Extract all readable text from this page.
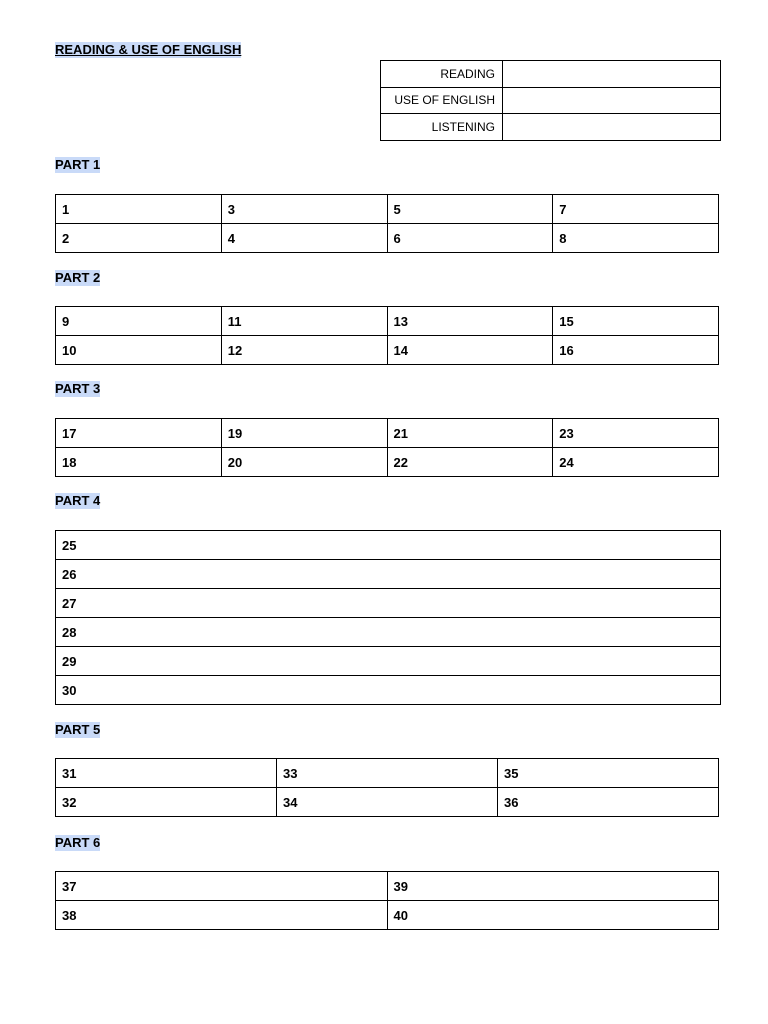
READING & USE OF ENGLISH
READING	
USE OF ENGLISH	
LISTENING	
PART 1
1	3	5	7
2	4	6	8
PART 2
9	11	13	15
10	12	14	16
PART 3
17	19	21	23
18	20	22	24
PART 4
25
26
27
28
29
30
PART 5
31	33	35
32	34	36
PART 6
37	39
38	40
